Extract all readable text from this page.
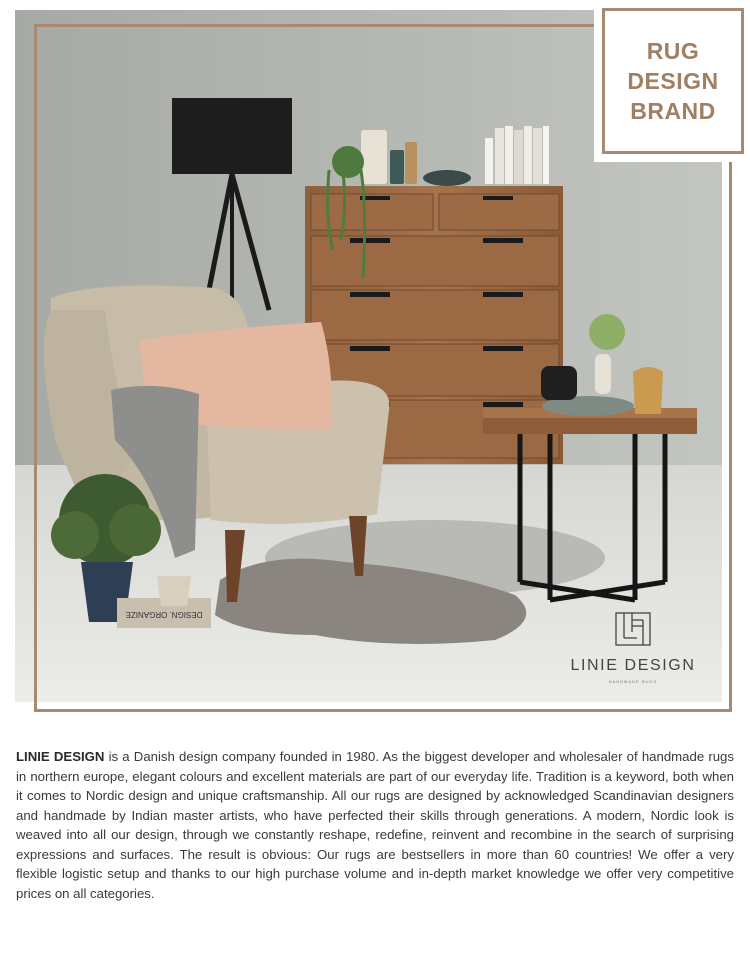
DESIGN. ORGANIZE
RUG
DESIGN
BRAND
LINIE DESIGN
HANDMADE RUGS

LINIE DESIGN is a Danish design company founded in 1980. As the biggest developer and wholesaler of handmade rugs in northern europe, elegant colours and excellent materials are part of our everyday life. Tradition is a keyword, both when it comes to Nordic design and unique craftsmanship. All our rugs are designed by acknowledged Scandinavian designers and handmade by Indian master artists, who have perfected their skills through generations. A modern, Nordic look is weaved into all our design, through we constantly reshape, redefine, reinvent and recombine in the search of surprising expressions and surfaces. The result is obvious: Our rugs are bestsellers in more than 60 countries! We offer a very flexible logistic setup and thanks to our high purchase volume and in-depth market knowledge we offer very competitive prices on all categories.
